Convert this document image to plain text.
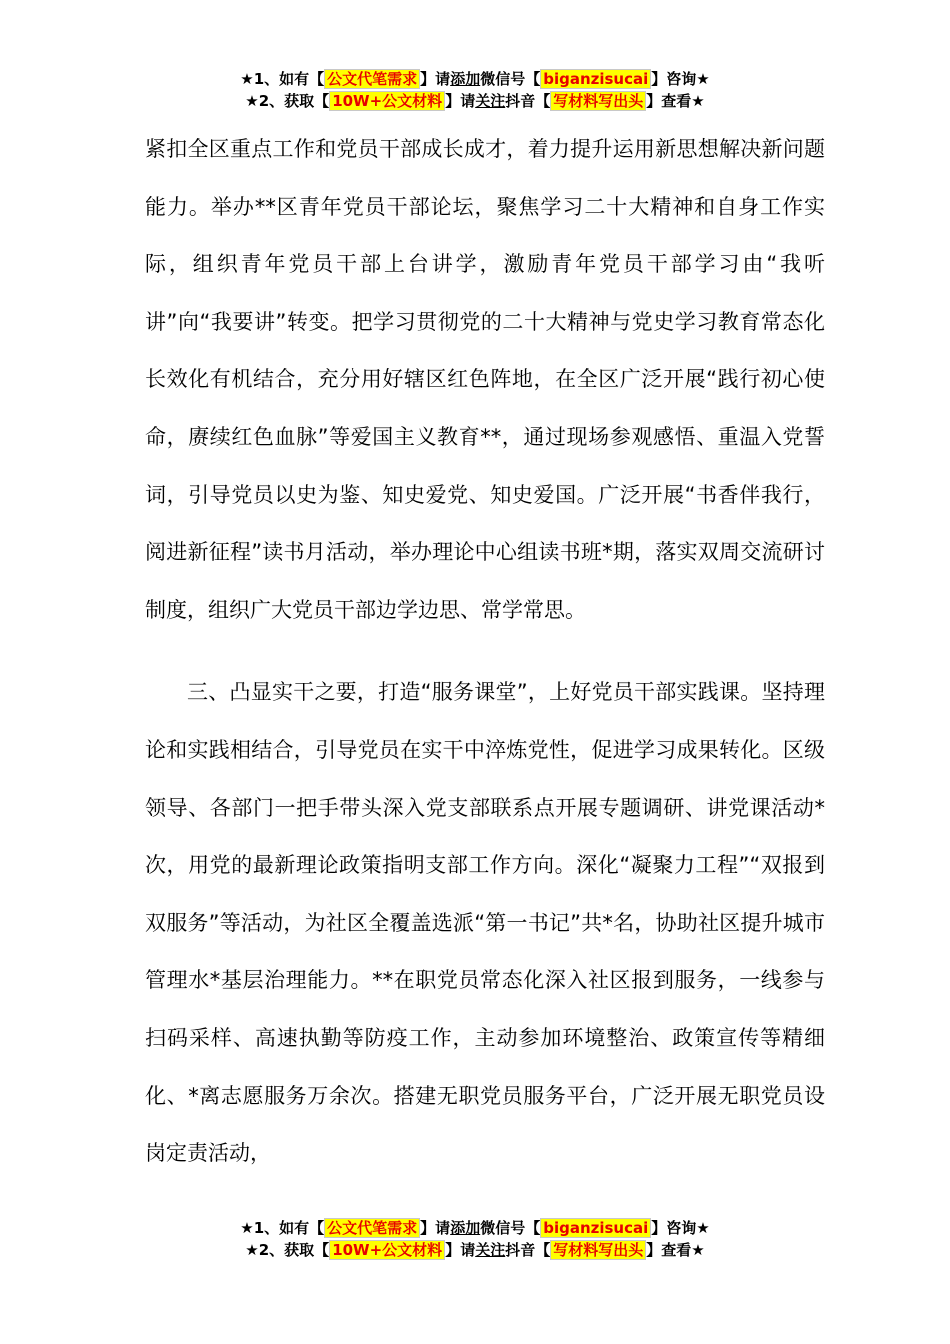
★1、如有【 公文代笔需求 】请添加微信号【 biganzisucai 】咨询★
★2、获取【 10W+公文材料 】请关注抖音【 写材料写出头 】查看★

紧扣全区重点工作和党员干部成长成才，着力提升运用新思想解决新问题能力。举办**区青年党员干部论坛，聚焦学习二十大精神和自身工作实际，组织青年党员干部上台讲学，激励青年党员干部学习由“我听讲”向“我要讲”转变。把学习贯彻党的二十大精神与党史学习教育常态化长效化有机结合，充分用好辖区红色阵地，在全区广泛开展“践行初心使命，赓续红色血脉”等爱国主义教育**，通过现场参观感悟、重温入党誓词，引导党员以史为鉴、知史爱党、知史爱国。广泛开展“书香伴我行，阅进新征程”读书月活动，举办理论中心组读书班*期，落实双周交流研讨制度，组织广大党员干部边学边思、常学常思。

三、凸显实干之要，打造“服务课堂”，上好党员干部实践课。坚持理论和实践相结合，引导党员在实干中淬炼党性，促进学习成果转化。区级领导、各部门一把手带头深入党支部联系点开展专题调研、讲党课活动*次，用党的最新理论政策指明支部工作方向。深化“凝聚力工程”“双报到双服务”等活动，为社区全覆盖选派“第一书记”共*名，协助社区提升城市管理水*基层治理能力。**在职党员常态化深入社区报到服务，一线参与扫码采样、高速执勤等防疫工作，主动参加环境整治、政策宣传等精细化、*离志愿服务万余次。搭建无职党员服务平台，广泛开展无职党员设岗定责活动，

★1、如有【 公文代笔需求 】请添加微信号【 biganzisucai 】咨询★
★2、获取【 10W+公文材料 】请关注抖音【 写材料写出头 】查看★
